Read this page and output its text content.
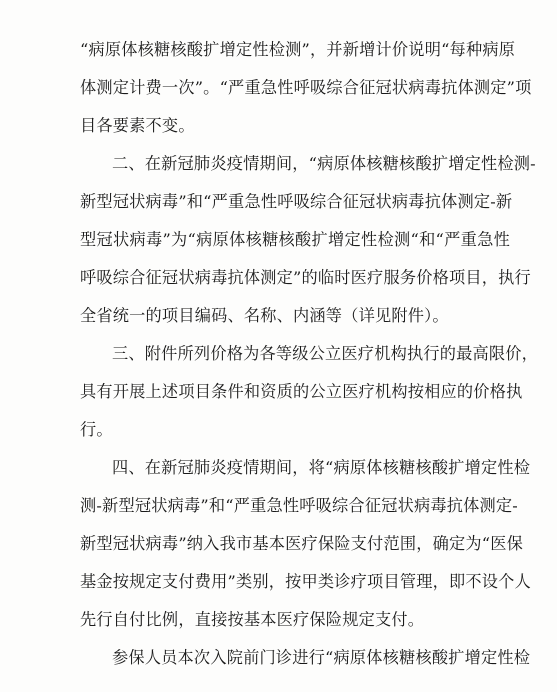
“病原体核糖核酸扩增定性检测”，并新增计价说明“每种病原
体测定计费一次”。“严重急性呼吸综合征冠状病毒抗体测定”项
目各要素不变。
二、在新冠肺炎疫情期间，“病原体核糖核酸扩增定性检测-
新型冠状病毒”和“严重急性呼吸综合征冠状病毒抗体测定-新
型冠状病毒”为“病原体核糖核酸扩增定性检测“和“严重急性
呼吸综合征冠状病毒抗体测定”的临时医疗服务价格项目，执行
全省统一的项目编码、名称、内涵等（详见附件）。
三、附件所列价格为各等级公立医疗机构执行的最高限价，
具有开展上述项目条件和资质的公立医疗机构按相应的价格执
行。
四、在新冠肺炎疫情期间，将“病原体核糖核酸扩增定性检
测-新型冠状病毒”和“严重急性呼吸综合征冠状病毒抗体测定-
新型冠状病毒”纳入我市基本医疗保险支付范围，确定为“医保
基金按规定支付费用”类别，按甲类诊疗项目管理，即不设个人
先行自付比例，直接按基本医疗保险规定支付。
参保人员本次入院前门诊进行“病原体核糖核酸扩增定性检
